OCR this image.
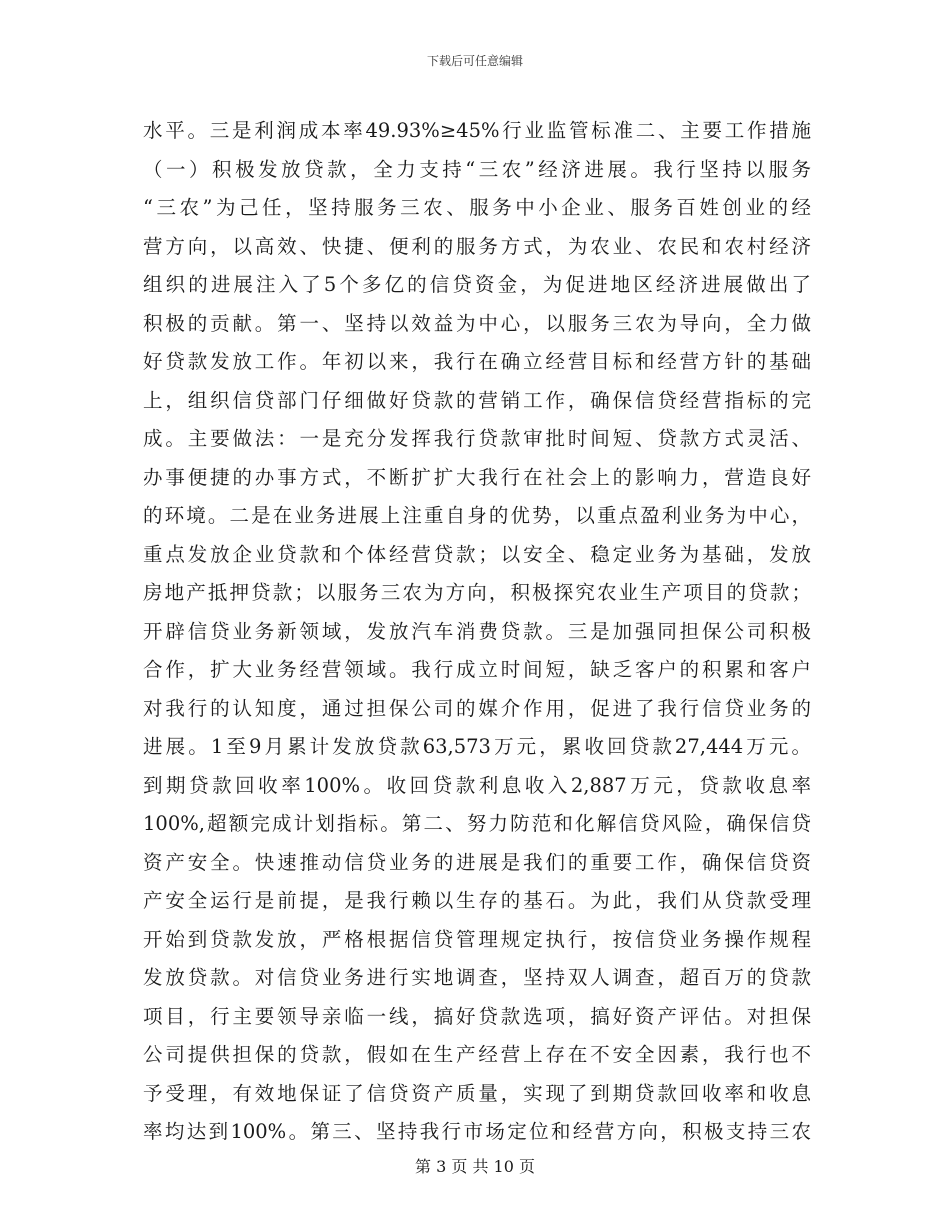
下载后可任意编辑
水平。三是利润成本率49.93%≥45%行业监管标准二、主要工作措施
（一）积极发放贷款，全力支持“三农”经济进展。我行坚持以服务
“三农”为己任，坚持服务三农、服务中小企业、服务百姓创业的经
营方向，以高效、快捷、便利的服务方式，为农业、农民和农村经济
组织的进展注入了5个多亿的信贷资金，为促进地区经济进展做出了
积极的贡献。第一、坚持以效益为中心，以服务三农为导向，全力做
好贷款发放工作。年初以来，我行在确立经营目标和经营方针的基础
上，组织信贷部门仔细做好贷款的营销工作，确保信贷经营指标的完
成。主要做法：一是充分发挥我行贷款审批时间短、贷款方式灵活、
办事便捷的办事方式，不断扩扩大我行在社会上的影响力，营造良好
的环境。二是在业务进展上注重自身的优势，以重点盈利业务为中心，
重点发放企业贷款和个体经营贷款；以安全、稳定业务为基础，发放
房地产抵押贷款；以服务三农为方向，积极探究农业生产项目的贷款；
开辟信贷业务新领域，发放汽车消费贷款。三是加强同担保公司积极
合作，扩大业务经营领域。我行成立时间短，缺乏客户的积累和客户
对我行的认知度，通过担保公司的媒介作用，促进了我行信贷业务的
进展。1至9月累计发放贷款63,573万元，累收回贷款27,444万元。
到期贷款回收率100%。收回贷款利息收入2,887万元，贷款收息率
100%,超额完成计划指标。第二、努力防范和化解信贷风险，确保信贷
资产安全。快速推动信贷业务的进展是我们的重要工作，确保信贷资
产安全运行是前提，是我行赖以生存的基石。为此，我们从贷款受理
开始到贷款发放，严格根据信贷管理规定执行，按信贷业务操作规程
发放贷款。对信贷业务进行实地调查，坚持双人调查，超百万的贷款
项目，行主要领导亲临一线，搞好贷款选项，搞好资产评估。对担保
公司提供担保的贷款，假如在生产经营上存在不安全因素，我行也不
予受理，有效地保证了信贷资产质量，实现了到期贷款回收率和收息
率均达到100%。第三、坚持我行市场定位和经营方向，积极支持三农
第 3 页 共 10 页
